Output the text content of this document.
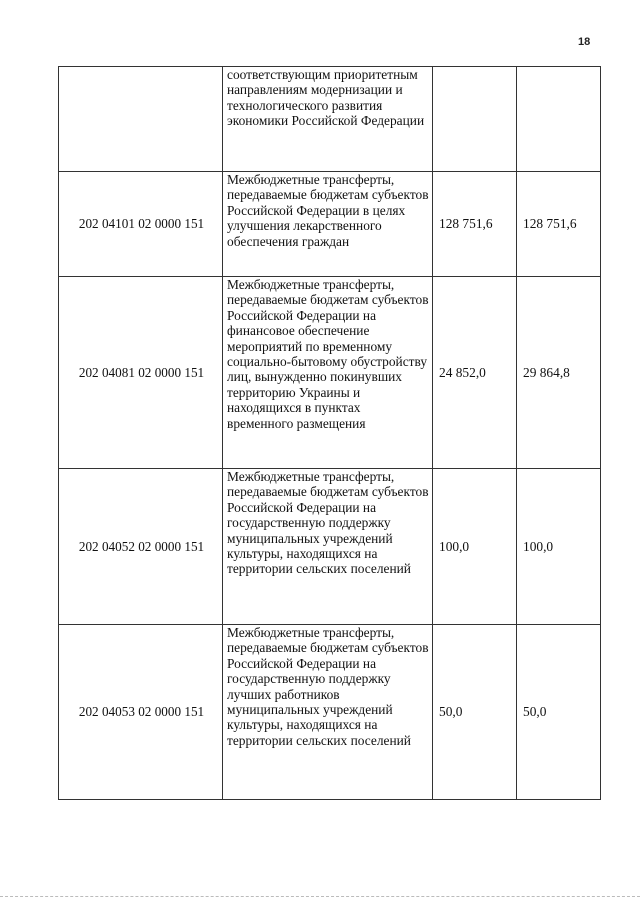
18
	соответствующим приоритетным направлениям модернизации и технологического развития экономики Российской Федерации		
202 04101 02 0000 151	Межбюджетные трансферты, передаваемые бюджетам субъектов Российской Федерации в целях улучшения лекарственного обеспечения граждан	128 751,6	128 751,6
202 04081 02 0000 151	Межбюджетные трансферты, передаваемые бюджетам субъектов Российской Федерации на финансовое обеспечение мероприятий по временному социально-бытовому обустройству лиц, вынужденно покинувших территорию Украины и находящихся в пунктах временного размещения	24 852,0	29 864,8
202 04052 02 0000 151	Межбюджетные трансферты, передаваемые бюджетам субъектов Российской Федерации на государственную поддержку муниципальных учреждений культуры, находящихся на территории сельских поселений	100,0	100,0
202 04053 02 0000 151	Межбюджетные трансферты, передаваемые бюджетам субъектов Российской Федерации на государственную поддержку лучших работников муниципальных учреждений культуры, находящихся на территории сельских поселений	50,0	50,0
